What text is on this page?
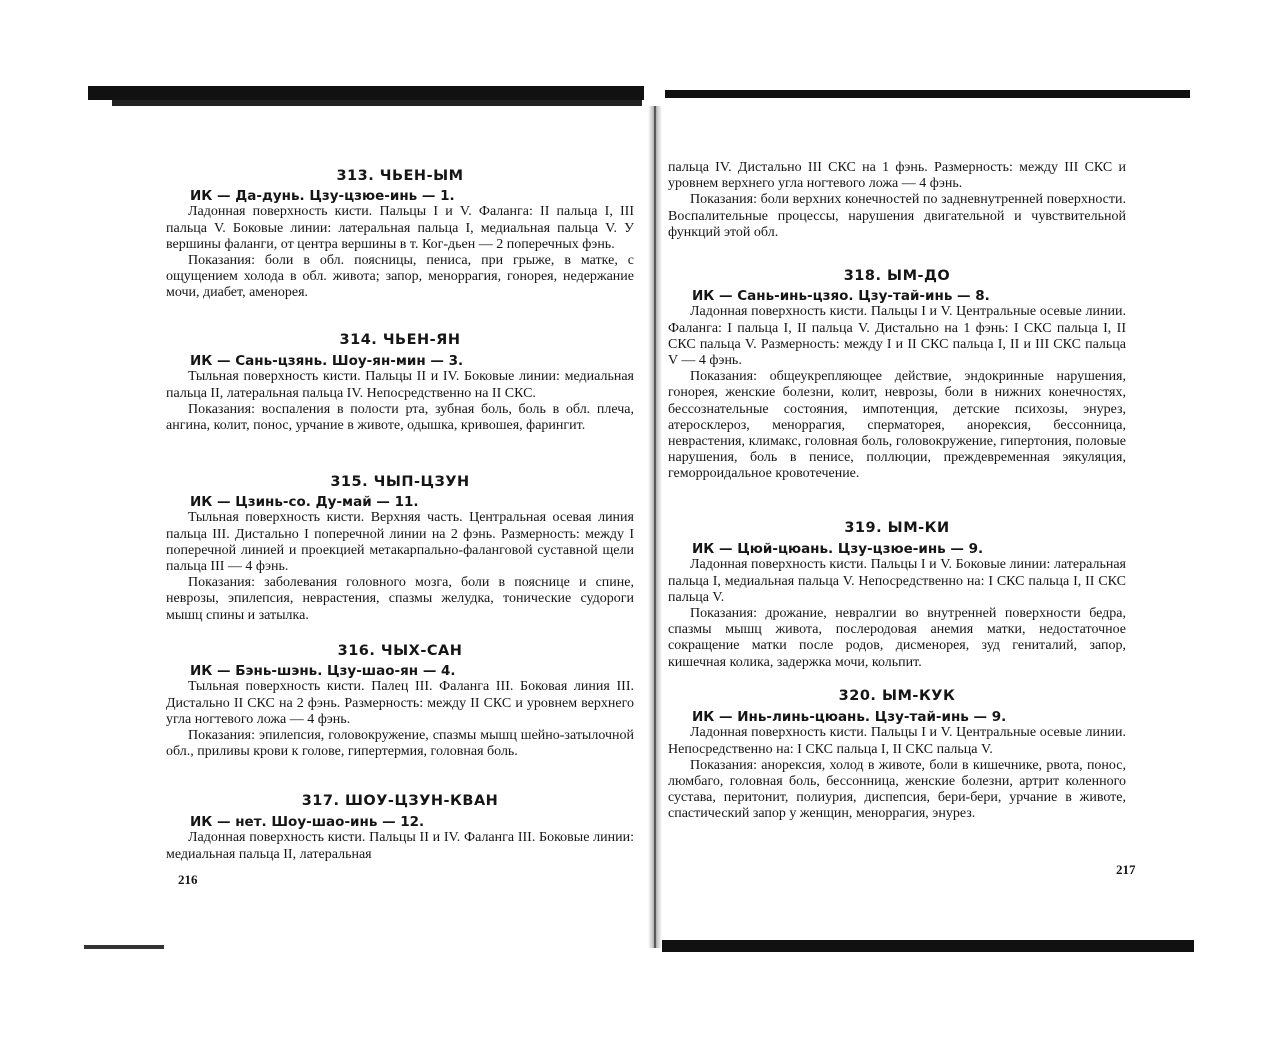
313. ЧЬЕН-ЫМ
ИК — Да-дунь. Цзу-цзюе-инь — 1.

Ладонная поверхность кисти. Пальцы I и V. Фаланга: II пальца I, III пальца V. Боковые линии: латеральная пальца I, медиальная пальца V. У вершины фаланги, от центра вершины в т. Ког-дьен — 2 поперечных фэнь.

Показания: боли в обл. поясницы, пениса, при грыже, в матке, с ощущением холода в обл. живота; запор, меноррагия, гонорея, недержание мочи, диабет, аменорея.

314. ЧЬЕН-ЯН
ИК — Сань-цзянь. Шоу-ян-мин — 3.

Тыльная поверхность кисти. Пальцы II и IV. Боковые линии: медиальная пальца II, латеральная пальца IV. Непосредственно на II СКС.

Показания: воспаления в полости рта, зубная боль, боль в обл. плеча, ангина, колит, понос, урчание в животе, одышка, кривошея, фарингит.

315. ЧЫП-ЦЗУН
ИК — Цзинь-со. Ду-май — 11.

Тыльная поверхность кисти. Верхняя часть. Центральная осевая линия пальца III. Дистально I поперечной линии на 2 фэнь. Размерность: между I поперечной линией и проекцией метакарпально-фаланговой суставной щели пальца III — 4 фэнь.

Показания: заболевания головного мозга, боли в пояснице и спине, неврозы, эпилепсия, неврастения, спазмы желудка, тонические судороги мышц спины и затылка.

316. ЧЫХ-САН
ИК — Бэнь-шэнь. Цзу-шао-ян — 4.

Тыльная поверхность кисти. Палец III. Фаланга III. Боковая линия III. Дистально II СКС на 2 фэнь. Размерность: между II СКС и уровнем верхнего угла ногтевого ложа — 4 фэнь.

Показания: эпилепсия, головокружение, спазмы мышц шейно-затылочной обл., приливы крови к голове, гипертермия, головная боль.

317. ШОУ-ЦЗУН-КВАН
ИК — нет. Шоу-шао-инь — 12.

Ладонная поверхность кисти. Пальцы II и IV. Фаланга III. Боковые линии: медиальная пальца II, латеральная

216

пальца IV. Дистально III СКС на 1 фэнь. Размерность: между III СКС и уровнем верхнего угла ногтевого ложа — 4 фэнь.

Показания: боли верхних конечностей по задневнутренней поверхности. Воспалительные процессы, нарушения двигательной и чувствительной функций этой обл.

318. ЫМ-ДО
ИК — Сань-инь-цзяо. Цзу-тай-инь — 8.

Ладонная поверхность кисти. Пальцы I и V. Центральные осевые линии. Фаланга: I пальца I, II пальца V. Дистально на 1 фэнь: I СКС пальца I, II СКС пальца V. Размерность: между I и II СКС пальца I, II и III СКС пальца V — 4 фэнь.

Показания: общеукрепляющее действие, эндокринные нарушения, гонорея, женские болезни, колит, неврозы, боли в нижних конечностях, бессознательные состояния, импотенция, детские психозы, энурез, атеросклероз, меноррагия, сперматорея, анорексия, бессонница, неврастения, климакс, головная боль, головокружение, гипертония, половые нарушения, боль в пенисе, поллюции, преждевременная эякуляция, геморроидальное кровотечение.

319. ЫМ-КИ
ИК — Цюй-цюань. Цзу-цзюе-инь — 9.

Ладонная поверхность кисти. Пальцы I и V. Боковые линии: латеральная пальца I, медиальная пальца V. Непосредственно на: I СКС пальца I, II СКС пальца V.

Показания: дрожание, невралгии во внутренней поверхности бедра, спазмы мышц живота, послеродовая анемия матки, недостаточное сокращение матки после родов, дисменорея, зуд гениталий, запор, кишечная колика, задержка мочи, кольпит.

320. ЫМ-КУК
ИК — Инь-линь-цюань. Цзу-тай-инь — 9.

Ладонная поверхность кисти. Пальцы I и V. Центральные осевые линии. Непосредственно на: I СКС пальца I, II СКС пальца V.

Показания: анорексия, холод в животе, боли в кишечнике, рвота, понос, люмбаго, головная боль, бессонница, женские болезни, артрит коленного сустава, перитонит, полиурия, диспепсия, бери-бери, урчание в животе, спастический запор у женщин, меноррагия, энурез.

217
